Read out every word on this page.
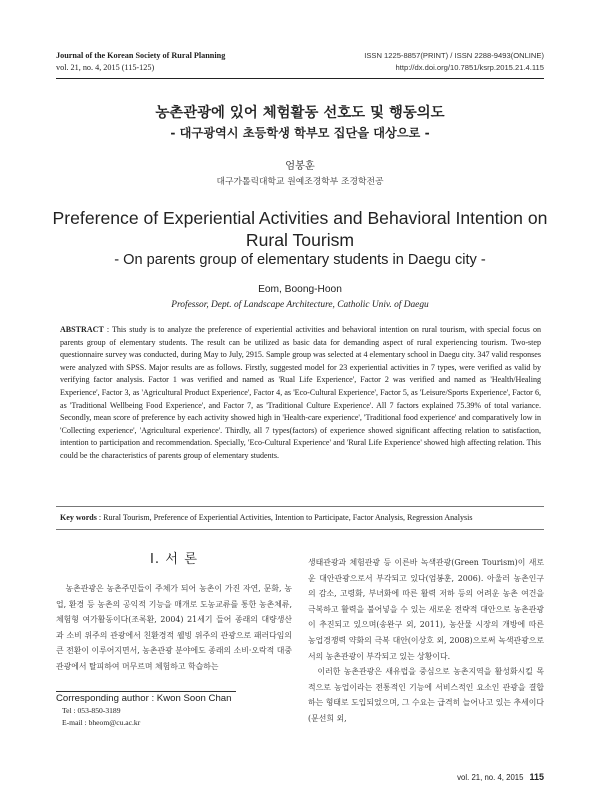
Journal of the Korean Society of Rural Planning
vol. 21, no. 4, 2015 (115-125)
ISSN 1225-8857(PRINT) / ISSN 2288-9493(ONLINE)
http://dx.doi.org/10.7851/ksrp.2015.21.4.115
농촌관광에 있어 체험활동 선호도 및 행동의도
- 대구광역시 초등학생 학부모 집단을 대상으로 -
엄봉훈
대구가톨릭대학교 원예조경학부 조경학전공
Preference of Experiential Activities and Behavioral Intention on
Rural Tourism
- On parents group of elementary students in Daegu city -
Eom, Boong-Hoon
Professor, Dept. of Landscape Architecture, Catholic Univ. of Daegu
ABSTRACT : This study is to analyze the preference of experiential activities and behavioral intention on rural tourism, with special focus on parents group of elementary students. The result can be utilized as basic data for demanding aspect of rural experiencing tourism. Two-step questionnaire survey was conducted, during May to July, 2915. Sample group was selected at 4 elementary school in Daegu city. 347 valid responses were analyzed with SPSS. Major results are as follows. Firstly, suggested model for 23 experiential activities in 7 types, were verified as valid by verifying factor analysis. Factor 1 was verified and named as 'Rual Life Experience', Factor 2 was verified and named as 'Health/Healing Experience', Factor 3, as 'Agricultural Product Experience', Factor 4, as 'Eco-Cultural Experience', Factor 5, as 'Leisure/Sports Experience', Factor 6, as 'Traditional Wellbeing Food Experience', and Factor 7, as 'Traditional Culture Experience'. All 7 factors explained 75.39% of total variance. Secondly, mean score of preference by each activity showed high in 'Health-care experience', 'Traditional food experience' and comparatively low in 'Collecting experience', 'Agricultural experience'. Thirdly, all 7 types(factors) of experience showed significant affecting relation to satisfaction, intention to participation and recommendation. Specially, 'Eco-Cultural Experience' and 'Rural Life Experience' showed high affecting relation. This could be the characteristics of parents group of elementary students.
Key words : Rural Tourism, Preference of Experiential Activities, Intention to Participate, Factor Analysis, Regression Analysis
I. 서 론

농촌관광은 농촌주민들이 주체가 되어 농촌이 가진 자연, 문화, 농업, 환경 등 농촌의 공익적 기능을 매개로 도농교류를 통한 농촌체류, 체험형 여가활동이다(조록환, 2004) 21세기 들어 종래의 대량생산과 소비 위주의 관광에서 친환경적 웰빙 위주의 관광으로 패러다임의 큰 전환이 이루어지면서, 농촌관광 분야에도 종래의 소비·오락적 대중관광에서 탈피하여 머무르며 체험하고 학습하는

생태관광과 체험관광 등 이른바 녹색관광(Green Tourism)이 새로운 대안관광으로서 부각되고 있다(엄봉훈, 2006). 아울러 농촌인구의 감소, 고령화, 부녀화에 따른 활력 저하 등의 어려운 농촌 여건을 극복하고 활력을 불어넣을 수 있는 새로운 전략적 대안으로 농촌관광이 추진되고 있으며(송완구 외, 2011), 농산물 시장의 개방에 따른 농업경쟁력 약화의 극복 대안(이상호 외, 2008)으로써 녹색관광으로서의 농촌관광이 부각되고 있는 상황이다.

이러한 농촌관광은 새유럽을 중심으로 농촌지역을 활성화시킬 목적으로 농업이라는 전통적인 기능에 서비스적인 요소인 관광을 결합하는 형태로 도입되었으며, 그 수요는 급격히 늘어나고 있는 추세이다(문선희 외,

Corresponding author : Kwon Soon Chan
Tel : 053-850-3189
E-mail : bheom@cu.ac.kr
vol. 21, no. 4, 2015 115
